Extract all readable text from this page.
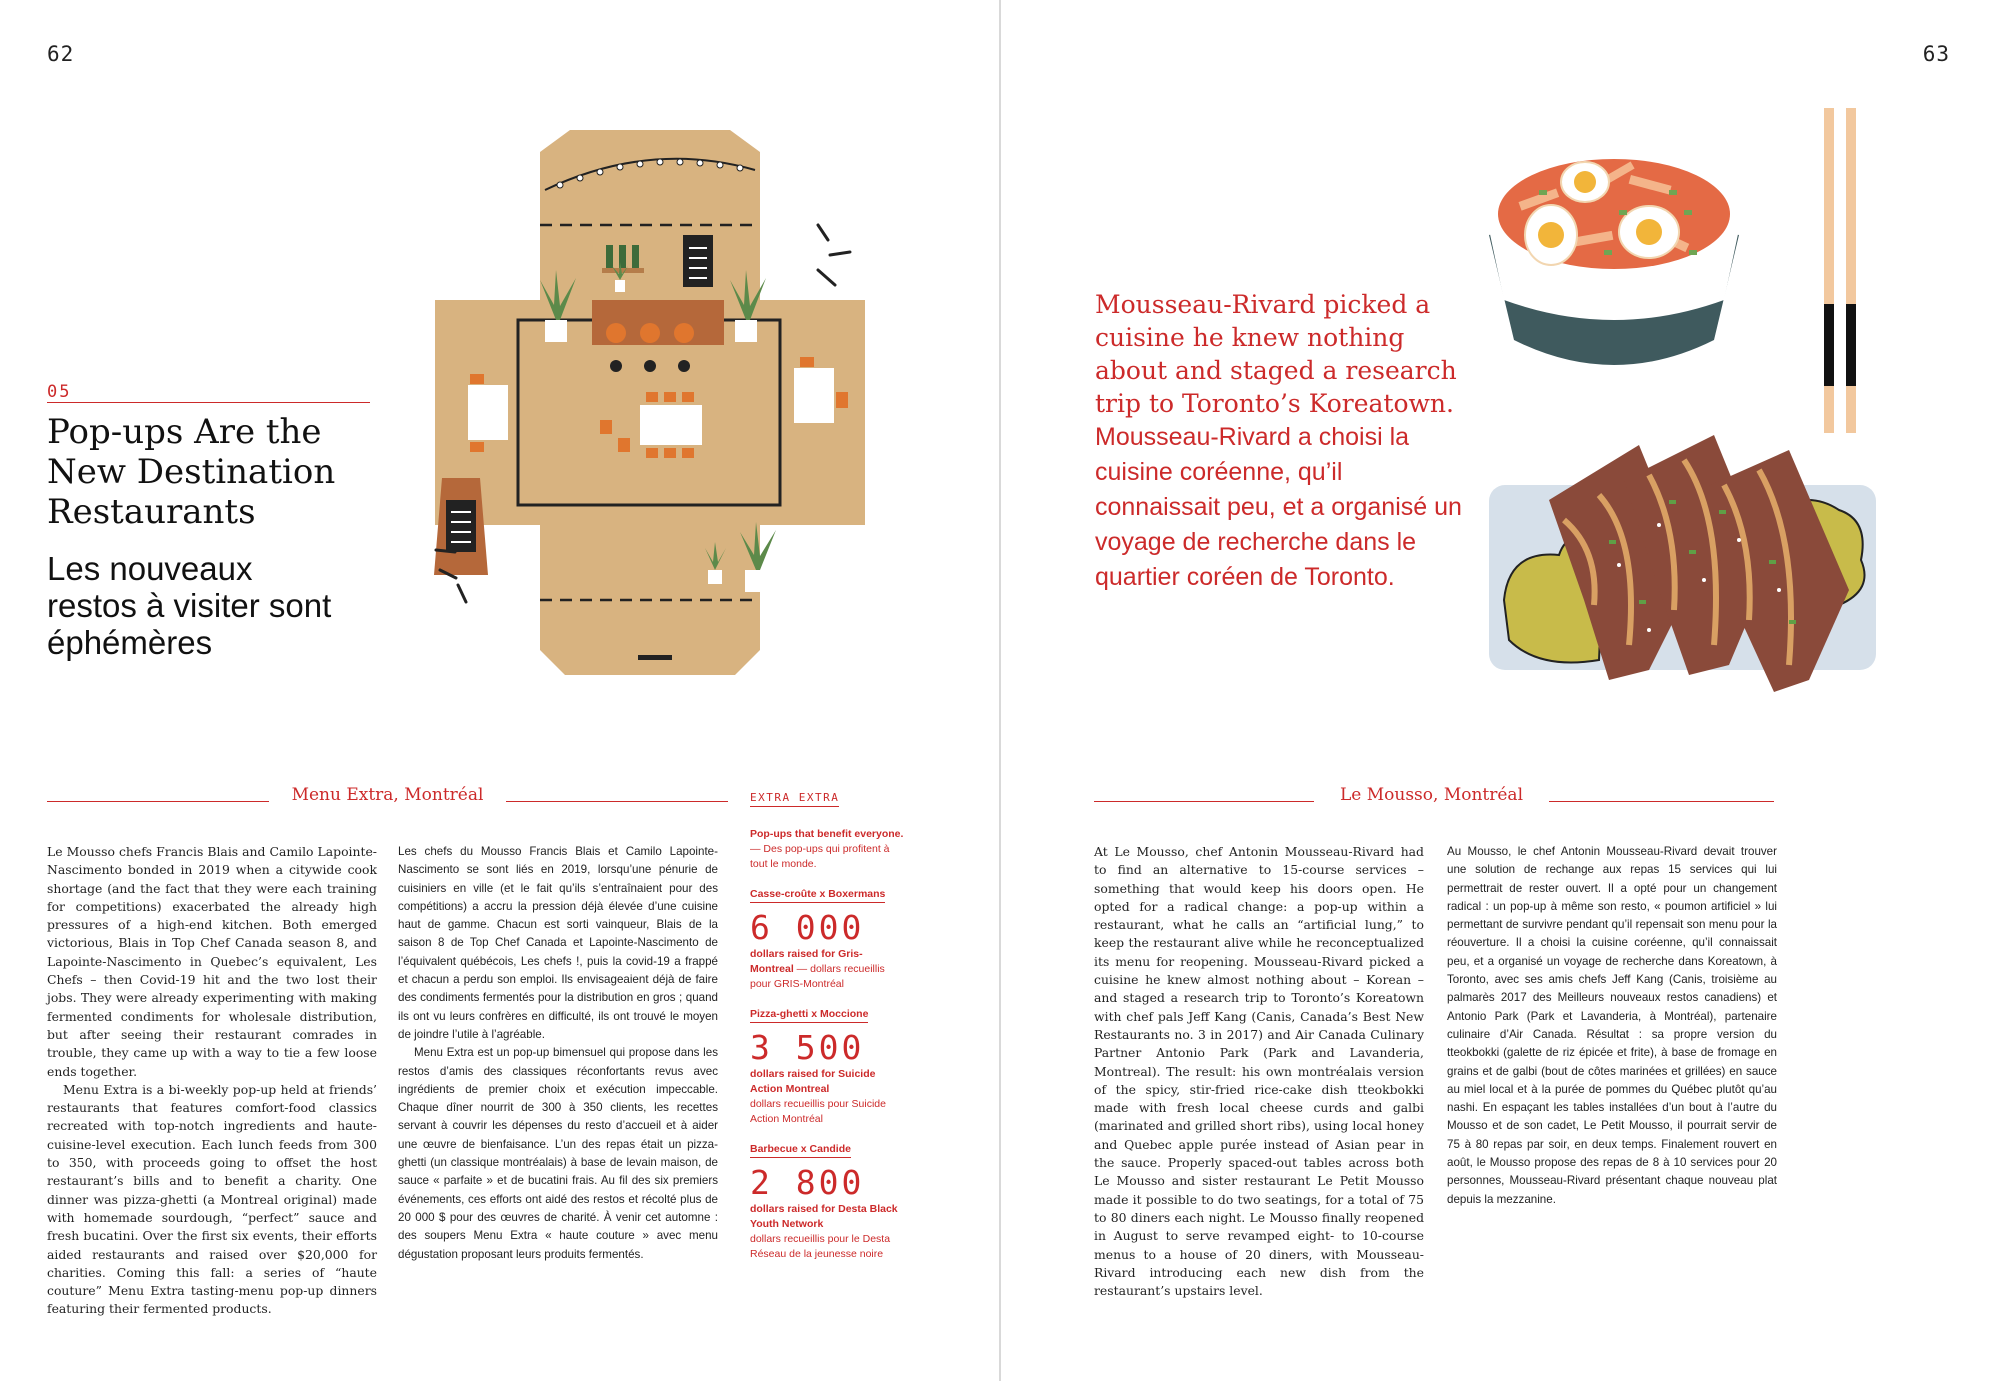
62
05
Pop-ups Are the New Destination Restaurants
Les nouveaux restos à visiter sont éphémères
Menu Extra, Montréal

Le Mousso chefs Francis Blais and Camilo Lapointe-Nascimento bonded in 2019 when a citywide cook shortage (and the fact that they were each training for competitions) exacerbated the already high pressures of a high-end kitchen. Both emerged victorious, Blais in Top Chef Canada season 8, and Lapointe-Nascimento in Quebec’s equivalent, Les Chefs – then Covid-19 hit and the two lost their jobs. They were already experimenting with making fermented condiments for wholesale distribution, but after seeing their restaurant comrades in trouble, they came up with a way to tie a few loose ends together.

Menu Extra is a bi-weekly pop-up held at friends’ restaurants that features comfort-food classics recreated with top-notch ingredients and haute-cuisine-level execution. Each lunch feeds from 300 to 350, with proceeds going to offset the host restaurant’s bills and to benefit a charity. One dinner was pizza-ghetti (a Montreal original) made with homemade sourdough, “perfect” sauce and fresh bucatini. Over the first six events, their efforts aided restaurants and raised over $20,000 for charities. Coming this fall: a series of “haute couture” Menu Extra tasting-menu pop-up dinners featuring their fermented products.

Les chefs du Mousso Francis Blais et Camilo Lapointe-Nascimento se sont liés en 2019, lorsqu’une pénurie de cuisiniers en ville (et le fait qu’ils s’entraînaient pour des compétitions) a accru la pression déjà élevée d’une cuisine haut de gamme. Chacun est sorti vainqueur, Blais de la saison 8 de Top Chef Canada et Lapointe-Nascimento de l’équivalent québécois, Les chefs !, puis la covid-19 a frappé et chacun a perdu son emploi. Ils envisageaient déjà de faire des condiments fermentés pour la distribution en gros ; quand ils ont vu leurs confrères en difficulté, ils ont trouvé le moyen de joindre l’utile à l’agréable.

Menu Extra est un pop-up bimensuel qui propose dans les restos d’amis des classiques réconfortants revus avec ingrédients de premier choix et exécution impeccable. Chaque dîner nourrit de 300 à 350 clients, les recettes servant à couvrir les dépenses du resto d’accueil et à aider une œuvre de bienfaisance. L’un des repas était un pizza-ghetti (un classique montréalais) à base de levain maison, de sauce « parfaite » et de bucatini frais. Au fil des six premiers événements, ces efforts ont aidé des restos et récolté plus de 20 000 $ pour des œuvres de charité. À venir cet automne : des soupers Menu Extra « haute couture » avec menu dégustation proposant leurs produits fermentés.

EXTRA EXTRA
Pop-ups that benefit everyone. — Des pop-ups qui profitent à tout le monde.
Casse-croûte x Boxermans
6 000
dollars raised for Gris-Montreal — dollars recueillis pour GRIS-Montréal
Pizza-ghetti x Moccione
3 500
dollars raised for Suicide Action Montreal
dollars recueillis pour Suicide Action Montréal
Barbecue x Candide
2 800
dollars raised for Desta Black Youth Network
dollars recueillis pour le Desta Réseau de la jeunesse noire
63
Mousseau-Rivard picked a cuisine he knew nothing about and staged a research trip to Toronto’s Koreatown.
Mousseau-Rivard a choisi la cuisine coréenne, qu’il connaissait peu, et a organisé un voyage de recherche dans le quartier coréen de Toronto.
Le Mousso, Montréal

At Le Mousso, chef Antonin Mousseau-Rivard had to find an alternative to 15-course services – something that would keep his doors open. He opted for a radical change: a pop-up within a restaurant, what he calls an “artificial lung,” to keep the restaurant alive while he reconceptualized its menu for reopening. Mousseau-Rivard picked a cuisine he knew almost nothing about – Korean – and staged a research trip to Toronto’s Koreatown with chef pals Jeff Kang (Canis, Canada’s Best New Restaurants no. 3 in 2017) and Air Canada Culinary Partner Antonio Park (Park and Lavanderia, Montreal). The result: his own montréalais version of the spicy, stir-fried rice-cake dish tteokbokki made with fresh local cheese curds and galbi (marinated and grilled short ribs), using local honey and Quebec apple purée instead of Asian pear in the sauce. Properly spaced-out tables across both Le Mousso and sister restaurant Le Petit Mousso made it possible to do two seatings, for a total of 75 to 80 diners each night. Le Mousso finally reopened in August to serve revamped eight- to 10-course menus to a house of 20 diners, with Mousseau-Rivard introducing each new dish from the restaurant’s upstairs level.

Au Mousso, le chef Antonin Mousseau-Rivard devait trouver une solution de rechange aux repas 15 services qui lui permettrait de rester ouvert. Il a opté pour un changement radical : un pop-up à même son resto, « poumon artificiel » lui permettant de survivre pendant qu’il repensait son menu pour la réouverture. Il a choisi la cuisine coréenne, qu’il connaissait peu, et a organisé un voyage de recherche dans Koreatown, à Toronto, avec ses amis chefs Jeff Kang (Canis, troisième au palmarès 2017 des Meilleurs nouveaux restos canadiens) et Antonio Park (Park et Lavanderia, à Montréal), partenaire culinaire d’Air Canada. Résultat : sa propre version du tteokbokki (galette de riz épicée et frite), à base de fromage en grains et de galbi (bout de côtes marinées et grillées) en sauce au miel local et à la purée de pommes du Québec plutôt qu’au nashi. En espaçant les tables installées d’un bout à l’autre du Mousso et de son cadet, Le Petit Mousso, il pourrait servir de 75 à 80 repas par soir, en deux temps. Finalement rouvert en août, le Mousso propose des repas de 8 à 10 services pour 20 personnes, Mousseau-Rivard présentant chaque nouveau plat depuis la mezzanine.
